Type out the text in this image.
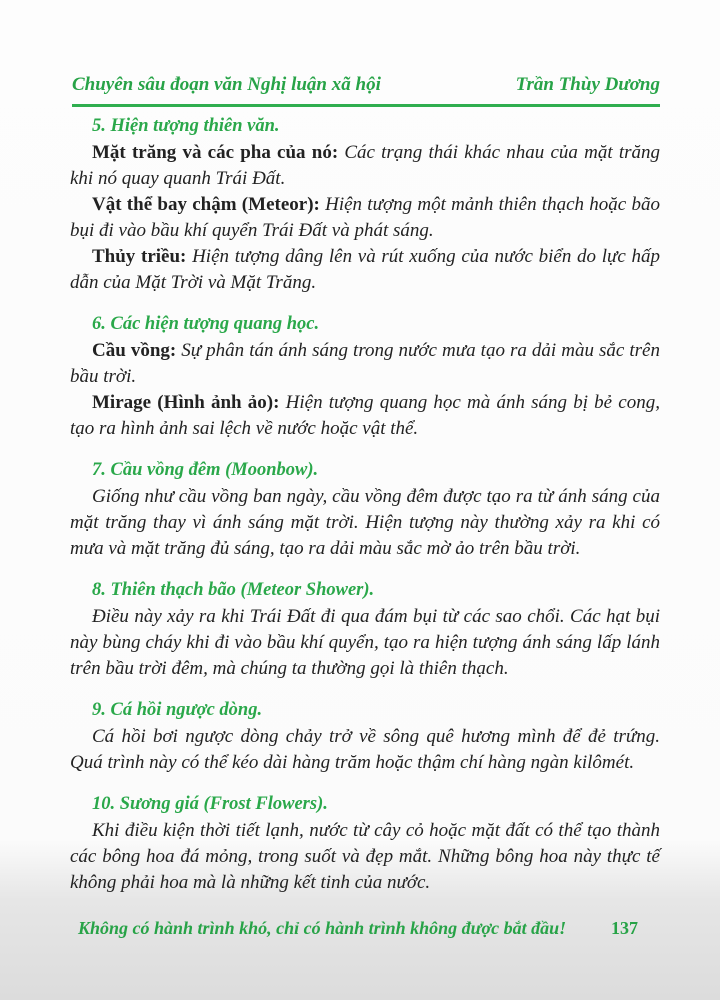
Chuyên sâu đoạn văn Nghị luận xã hội	Trần Thùy Dương
5. Hiện tượng thiên văn.

Mặt trăng và các pha của nó: Các trạng thái khác nhau của mặt trăng khi nó quay quanh Trái Đất.

Vật thể bay chậm (Meteor): Hiện tượng một mảnh thiên thạch hoặc bão bụi đi vào bầu khí quyển Trái Đất và phát sáng.

Thủy triều: Hiện tượng dâng lên và rút xuống của nước biển do lực hấp dẫn của Mặt Trời và Mặt Trăng.

6. Các hiện tượng quang học.

Cầu vồng: Sự phân tán ánh sáng trong nước mưa tạo ra dải màu sắc trên bầu trời.

Mirage (Hình ảnh ảo): Hiện tượng quang học mà ánh sáng bị bẻ cong, tạo ra hình ảnh sai lệch về nước hoặc vật thể.

7. Cầu vồng đêm (Moonbow).

Giống như cầu vồng ban ngày, cầu vồng đêm được tạo ra từ ánh sáng của mặt trăng thay vì ánh sáng mặt trời. Hiện tượng này thường xảy ra khi có mưa và mặt trăng đủ sáng, tạo ra dải màu sắc mờ ảo trên bầu trời.

8. Thiên thạch bão (Meteor Shower).

Điều này xảy ra khi Trái Đất đi qua đám bụi từ các sao chổi. Các hạt bụi này bùng cháy khi đi vào bầu khí quyển, tạo ra hiện tượng ánh sáng lấp lánh trên bầu trời đêm, mà chúng ta thường gọi là thiên thạch.

9. Cá hồi ngược dòng.

Cá hồi bơi ngược dòng chảy trở về sông quê hương mình để đẻ trứng. Quá trình này có thể kéo dài hàng trăm hoặc thậm chí hàng ngàn kilômét.

10. Sương giá (Frost Flowers).

Khi điều kiện thời tiết lạnh, nước từ cây cỏ hoặc mặt đất có thể tạo thành các bông hoa đá mỏng, trong suốt và đẹp mắt. Những bông hoa này thực tế không phải hoa mà là những kết tinh của nước.

Không có hành trình khó, chỉ có hành trình không được bắt đầu! 137
